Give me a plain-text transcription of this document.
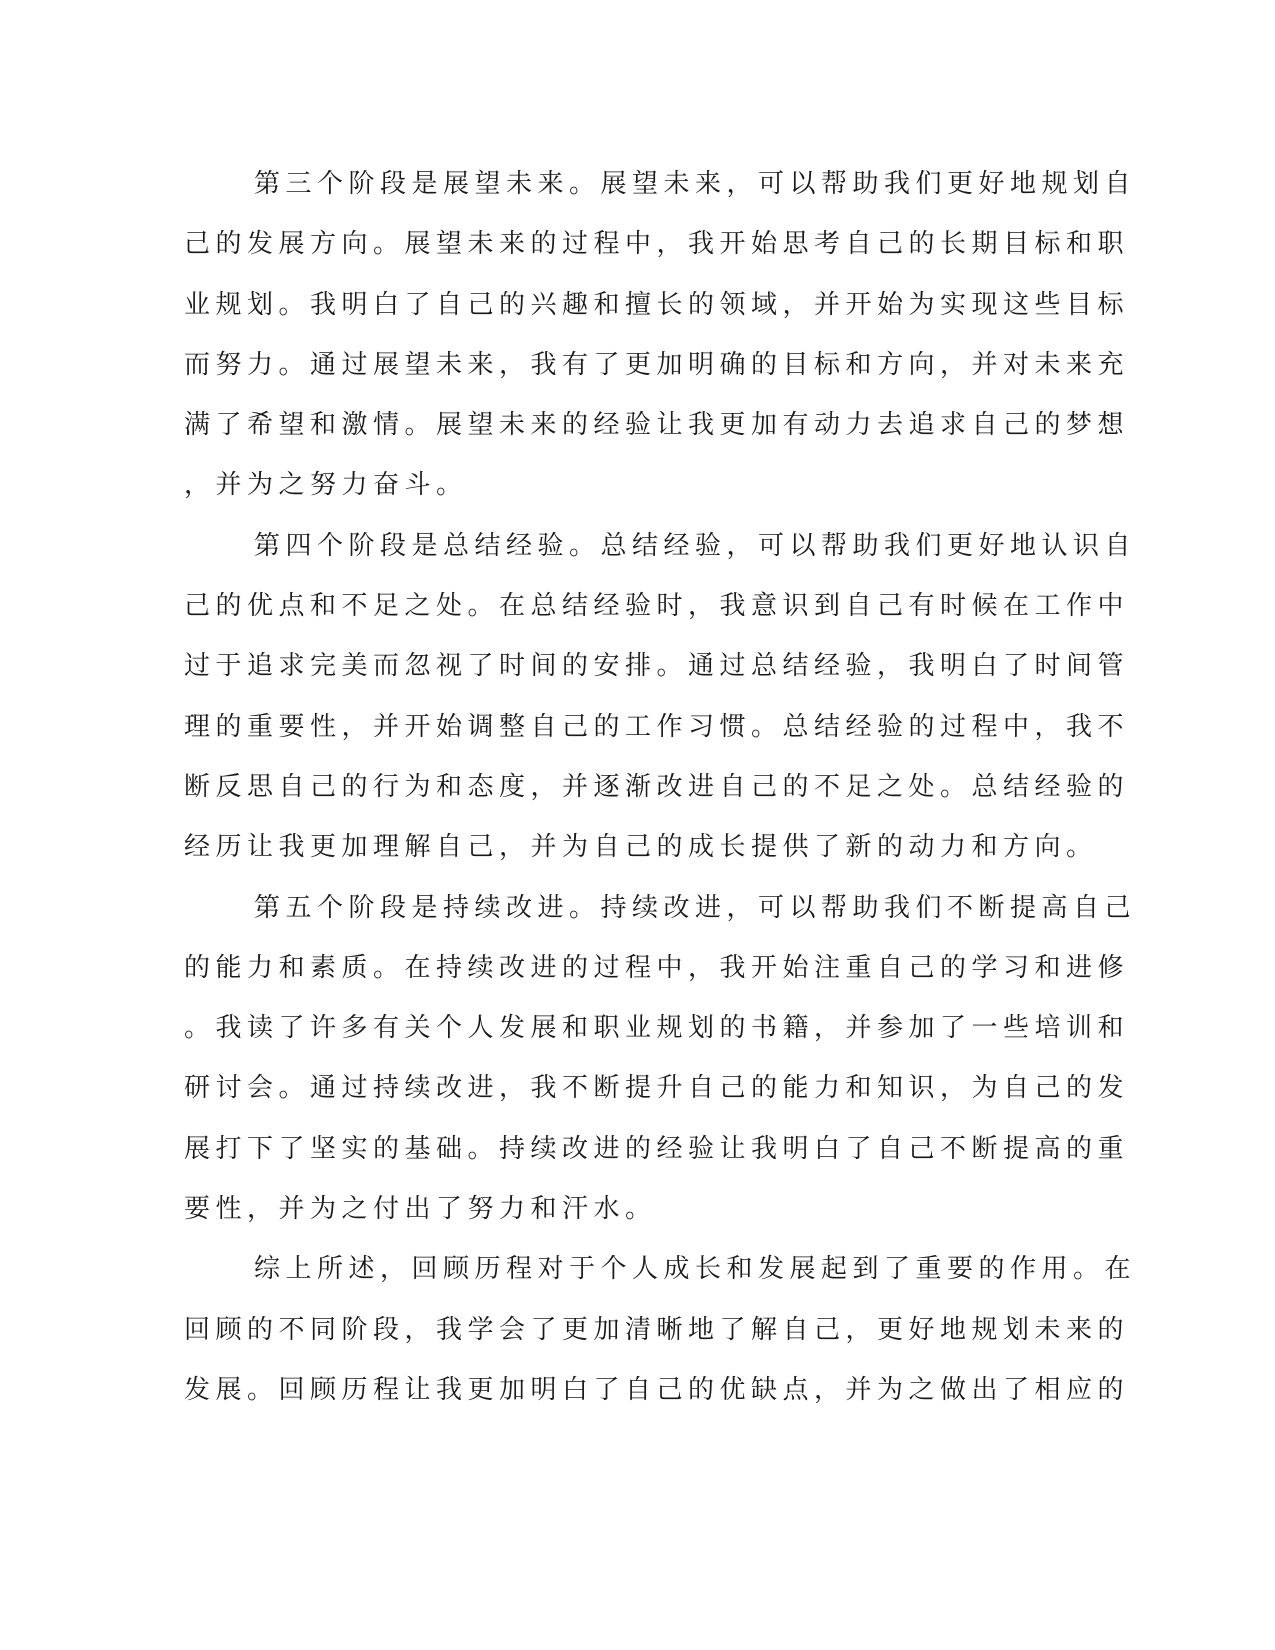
第三个阶段是展望未来。展望未来，可以帮助我们更好地规划自
己的发展方向。展望未来的过程中，我开始思考自己的长期目标和职
业规划。我明白了自己的兴趣和擅长的领域，并开始为实现这些目标
而努力。通过展望未来，我有了更加明确的目标和方向，并对未来充
满了希望和激情。展望未来的经验让我更加有动力去追求自己的梦想
，并为之努力奋斗。
第四个阶段是总结经验。总结经验，可以帮助我们更好地认识自
己的优点和不足之处。在总结经验时，我意识到自己有时候在工作中
过于追求完美而忽视了时间的安排。通过总结经验，我明白了时间管
理的重要性，并开始调整自己的工作习惯。总结经验的过程中，我不
断反思自己的行为和态度，并逐渐改进自己的不足之处。总结经验的
经历让我更加理解自己，并为自己的成长提供了新的动力和方向。
第五个阶段是持续改进。持续改进，可以帮助我们不断提高自己
的能力和素质。在持续改进的过程中，我开始注重自己的学习和进修
。我读了许多有关个人发展和职业规划的书籍，并参加了一些培训和
研讨会。通过持续改进，我不断提升自己的能力和知识，为自己的发
展打下了坚实的基础。持续改进的经验让我明白了自己不断提高的重
要性，并为之付出了努力和汗水。
综上所述，回顾历程对于个人成长和发展起到了重要的作用。在
回顾的不同阶段，我学会了更加清晰地了解自己，更好地规划未来的
发展。回顾历程让我更加明白了自己的优缺点，并为之做出了相应的
